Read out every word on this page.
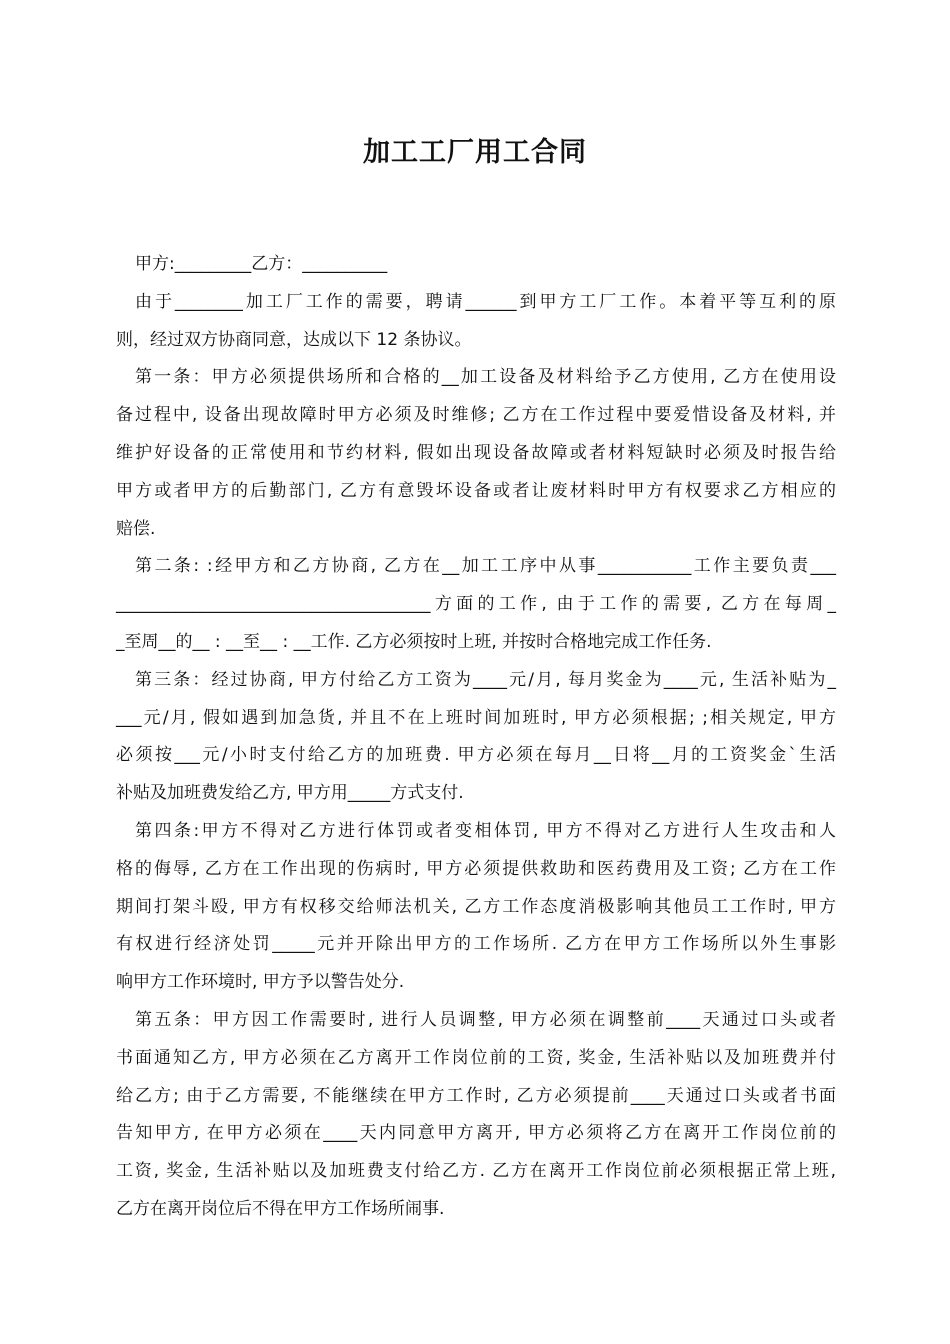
加工工厂用工合同
甲方:_________乙方：__________
由于________加工厂工作的需要，聘请______到甲方工厂工作。本着平等互利的原
则，经过双方协商同意，达成以下 12 条协议。
第一条：甲方必须提供场所和合格的__加工设备及材料给予乙方使用, 乙方在使用设
备过程中, 设备出现故障时甲方必须及时维修; 乙方在工作过程中要爱惜设备及材料, 并
维护好设备的正常使用和节约材料, 假如出现设备故障或者材料短缺时必须及时报告给
甲方或者甲方的后勤部门, 乙方有意毁坏设备或者让废材料时甲方有权要求乙方相应的
赔偿.
第二条: :经甲方和乙方协商, 乙方在__加工工序中从事___________工作主要负责___
_____________________________________方面的工作, 由于工作的需要, 乙方在每周_
_至周__的__ : __至__ : __工作. 乙方必须按时上班, 并按时合格地完成工作任务.
第三条：经过协商, 甲方付给乙方工资为____元/月, 每月奖金为____元, 生活补贴为_
___元/月, 假如遇到加急货, 并且不在上班时间加班时, 甲方必须根据; ;相关规定, 甲方
必须按___元/小时支付给乙方的加班费. 甲方必须在每月__日将__月的工资奖金`生活
补贴及加班费发给乙方, 甲方用_____方式支付.
第四条:甲方不得对乙方进行体罚或者变相体罚, 甲方不得对乙方进行人生攻击和人
格的侮辱, 乙方在工作出现的伤病时, 甲方必须提供救助和医药费用及工资; 乙方在工作
期间打架斗殴, 甲方有权移交给师法机关, 乙方工作态度消极影响其他员工工作时, 甲方
有权进行经济处罚_____元并开除出甲方的工作场所. 乙方在甲方工作场所以外生事影
响甲方工作环境时, 甲方予以警告处分.
第五条：甲方因工作需要时, 进行人员调整, 甲方必须在调整前____天通过口头或者
书面通知乙方, 甲方必须在乙方离开工作岗位前的工资, 奖金, 生活补贴以及加班费并付
给乙方; 由于乙方需要, 不能继续在甲方工作时, 乙方必须提前____天通过口头或者书面
告知甲方, 在甲方必须在____天内同意甲方离开, 甲方必须将乙方在离开工作岗位前的
工资, 奖金, 生活补贴以及加班费支付给乙方. 乙方在离开工作岗位前必须根据正常上班,
乙方在离开岗位后不得在甲方工作场所闹事.
